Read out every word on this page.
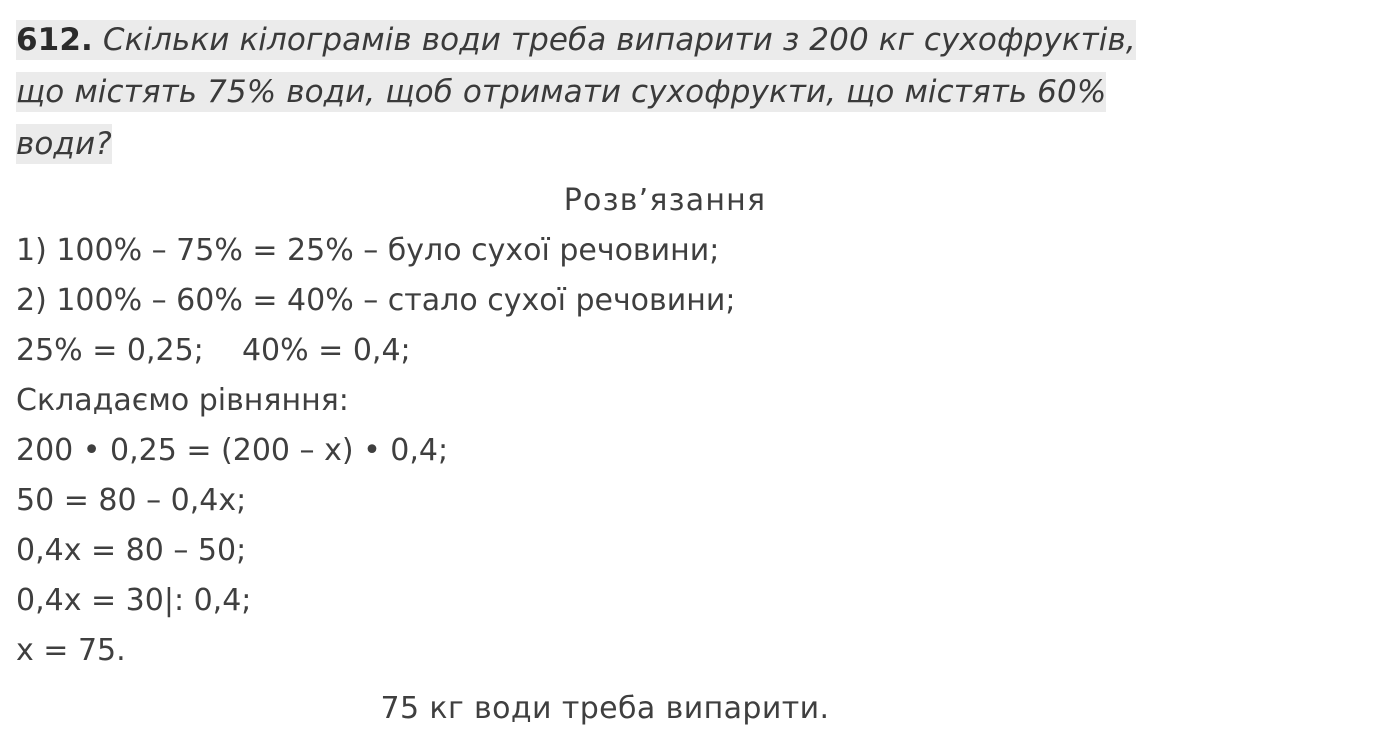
612. Скільки кілограмів води треба випарити з 200 кг сухофруктів,
що містять 75% води, щоб отримати сухофрукти, що містять 60%
води?
Розв’язання
1) 100% – 75% = 25% – було сухої речовини;
2) 100% – 60% = 40% – стало сухої речовини;
25% = 0,25;    40% = 0,4;
Складаємо рівняння:
200 • 0,25 = (200 – x) • 0,4;
50 = 80 – 0,4x;
0,4x = 80 – 50;
0,4x = 30|: 0,4;
x = 75.
75 кг води треба випарити.
